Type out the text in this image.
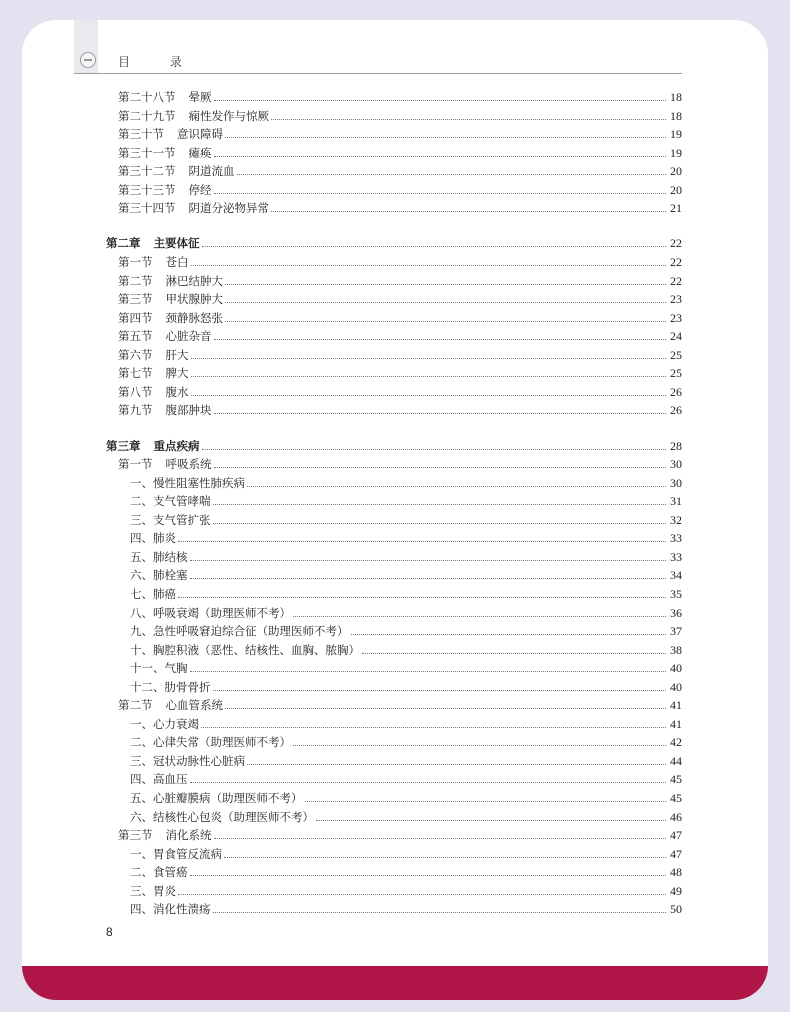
目 录
第二十八节 晕厥	18
第二十九节 痫性发作与惊厥	18
第三十节 意识障碍	19
第三十一节 瘫痪	19
第三十二节 阴道流血	20
第三十三节 停经	20
第三十四节 阴道分泌物异常	21
第二章 主要体征	22
第一节 苍白	22
第二节 淋巴结肿大	22
第三节 甲状腺肿大	23
第四节 颈静脉怒张	23
第五节 心脏杂音	24
第六节 肝大	25
第七节 脾大	25
第八节 腹水	26
第九节 腹部肿块	26
第三章 重点疾病	28
第一节 呼吸系统	30
一、慢性阻塞性肺疾病	30
二、支气管哮喘	31
三、支气管扩张	32
四、肺炎	33
五、肺结核	33
六、肺栓塞	34
七、肺癌	35
八、呼吸衰竭（助理医师不考）	36
九、急性呼吸窘迫综合征（助理医师不考）	37
十、胸腔积液（恶性、结核性、血胸、脓胸）	38
十一、气胸	40
十二、肋骨骨折	40
第二节 心血管系统	41
一、心力衰竭	41
二、心律失常（助理医师不考）	42
三、冠状动脉性心脏病	44
四、高血压	45
五、心脏瓣膜病（助理医师不考）	45
六、结核性心包炎（助理医师不考）	46
第三节 消化系统	47
一、胃食管反流病	47
二、食管癌	48
三、胃炎	49
四、消化性溃疡	50
8
